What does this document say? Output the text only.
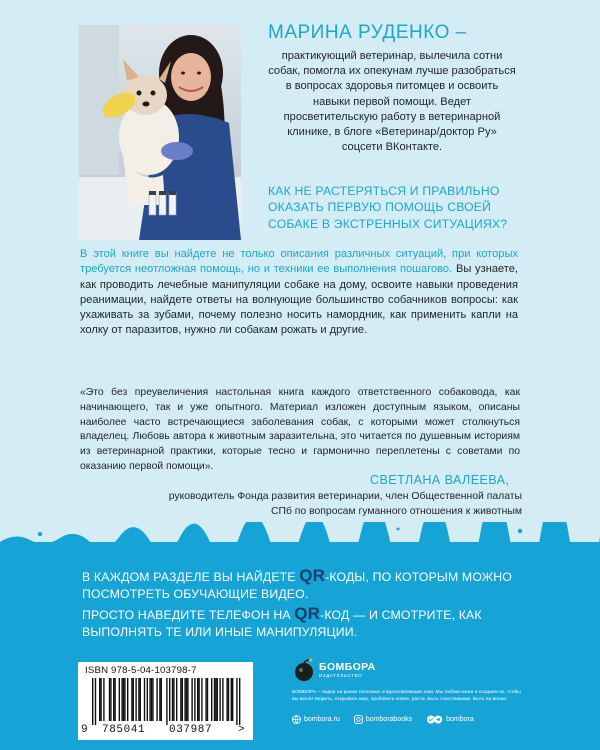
МАРИНА РУДЕНКО –
практикующий ветеринар, вылечила сотни собак, помогла их опекунам лучше разобраться в вопросах здоровья питомцев и освоить навыки первой помощи. Ведет просветительскую работу в ветеринарной клинике, в блоге «Ветеринар/доктор Ру» соцсети ВКонтакте.
КАК НЕ РАСТЕРЯТЬСЯ И ПРАВИЛЬНО ОКАЗАТЬ ПЕРВУЮ ПОМОЩЬ СВОЕЙ СОБАКЕ В ЭКСТРЕННЫХ СИТУАЦИЯХ?
В этой книге вы найдете не только описания различных ситуаций, при которых требуется неотложная помощь, но и техники ее выполнения пошагово. Вы узнаете, как проводить лечебные манипуляции собаке на дому, освоите навыки проведения реанимации, найдете ответы на волнующие большинство собачников вопросы: как ухаживать за зубами, почему полезно носить намордник, как применить капли на холку от паразитов, нужно ли собакам рожать и другие.
«Это без преувеличения настольная книга каждого ответственного собаковода, как начинающего, так и уже опытного. Материал изложен доступным языком, описаны наиболее часто встречающиеся заболевания собак, с которыми может столкнуться владелец. Любовь автора к животным заразительна, это читается по душевным историям из ветеринарной практики, которые тесно и гармонично переплетены с советами по оказанию первой помощи».
СВЕТЛАНА ВАЛЕЕВА,
руководитель Фонда развития ветеринарии, член Общественной палаты СПб по вопросам гуманного отношения к животным
В КАЖДОМ РАЗДЕЛЕ ВЫ НАЙДЕТЕ QR-КОДЫ, ПО КОТОРЫМ МОЖНО ПОСМОТРЕТЬ ОБУЧАЮЩИЕ ВИДЕО.
ПРОСТО НАВЕДИТЕ ТЕЛЕФОН НА QR-КОД — И СМОТРИТЕ, КАК ВЫПОЛНЯТЬ ТЕ ИЛИ ИНЫЕ МАНИПУЛЯЦИИ.
ISBN 978-5-04-103798-7
9 785041 037987 >
БОМБОРА
ИЗДАТЕЛЬСТВО
БОМБОРА – лидер на рынке полезных и вдохновляющих книг. Мы любим книги и создаем их, чтобы вы могли творить, открывать мир, пробовать новое, расти. Быть счастливыми. Быть на волне.
bombora.ru	bomborabooks	bombora
